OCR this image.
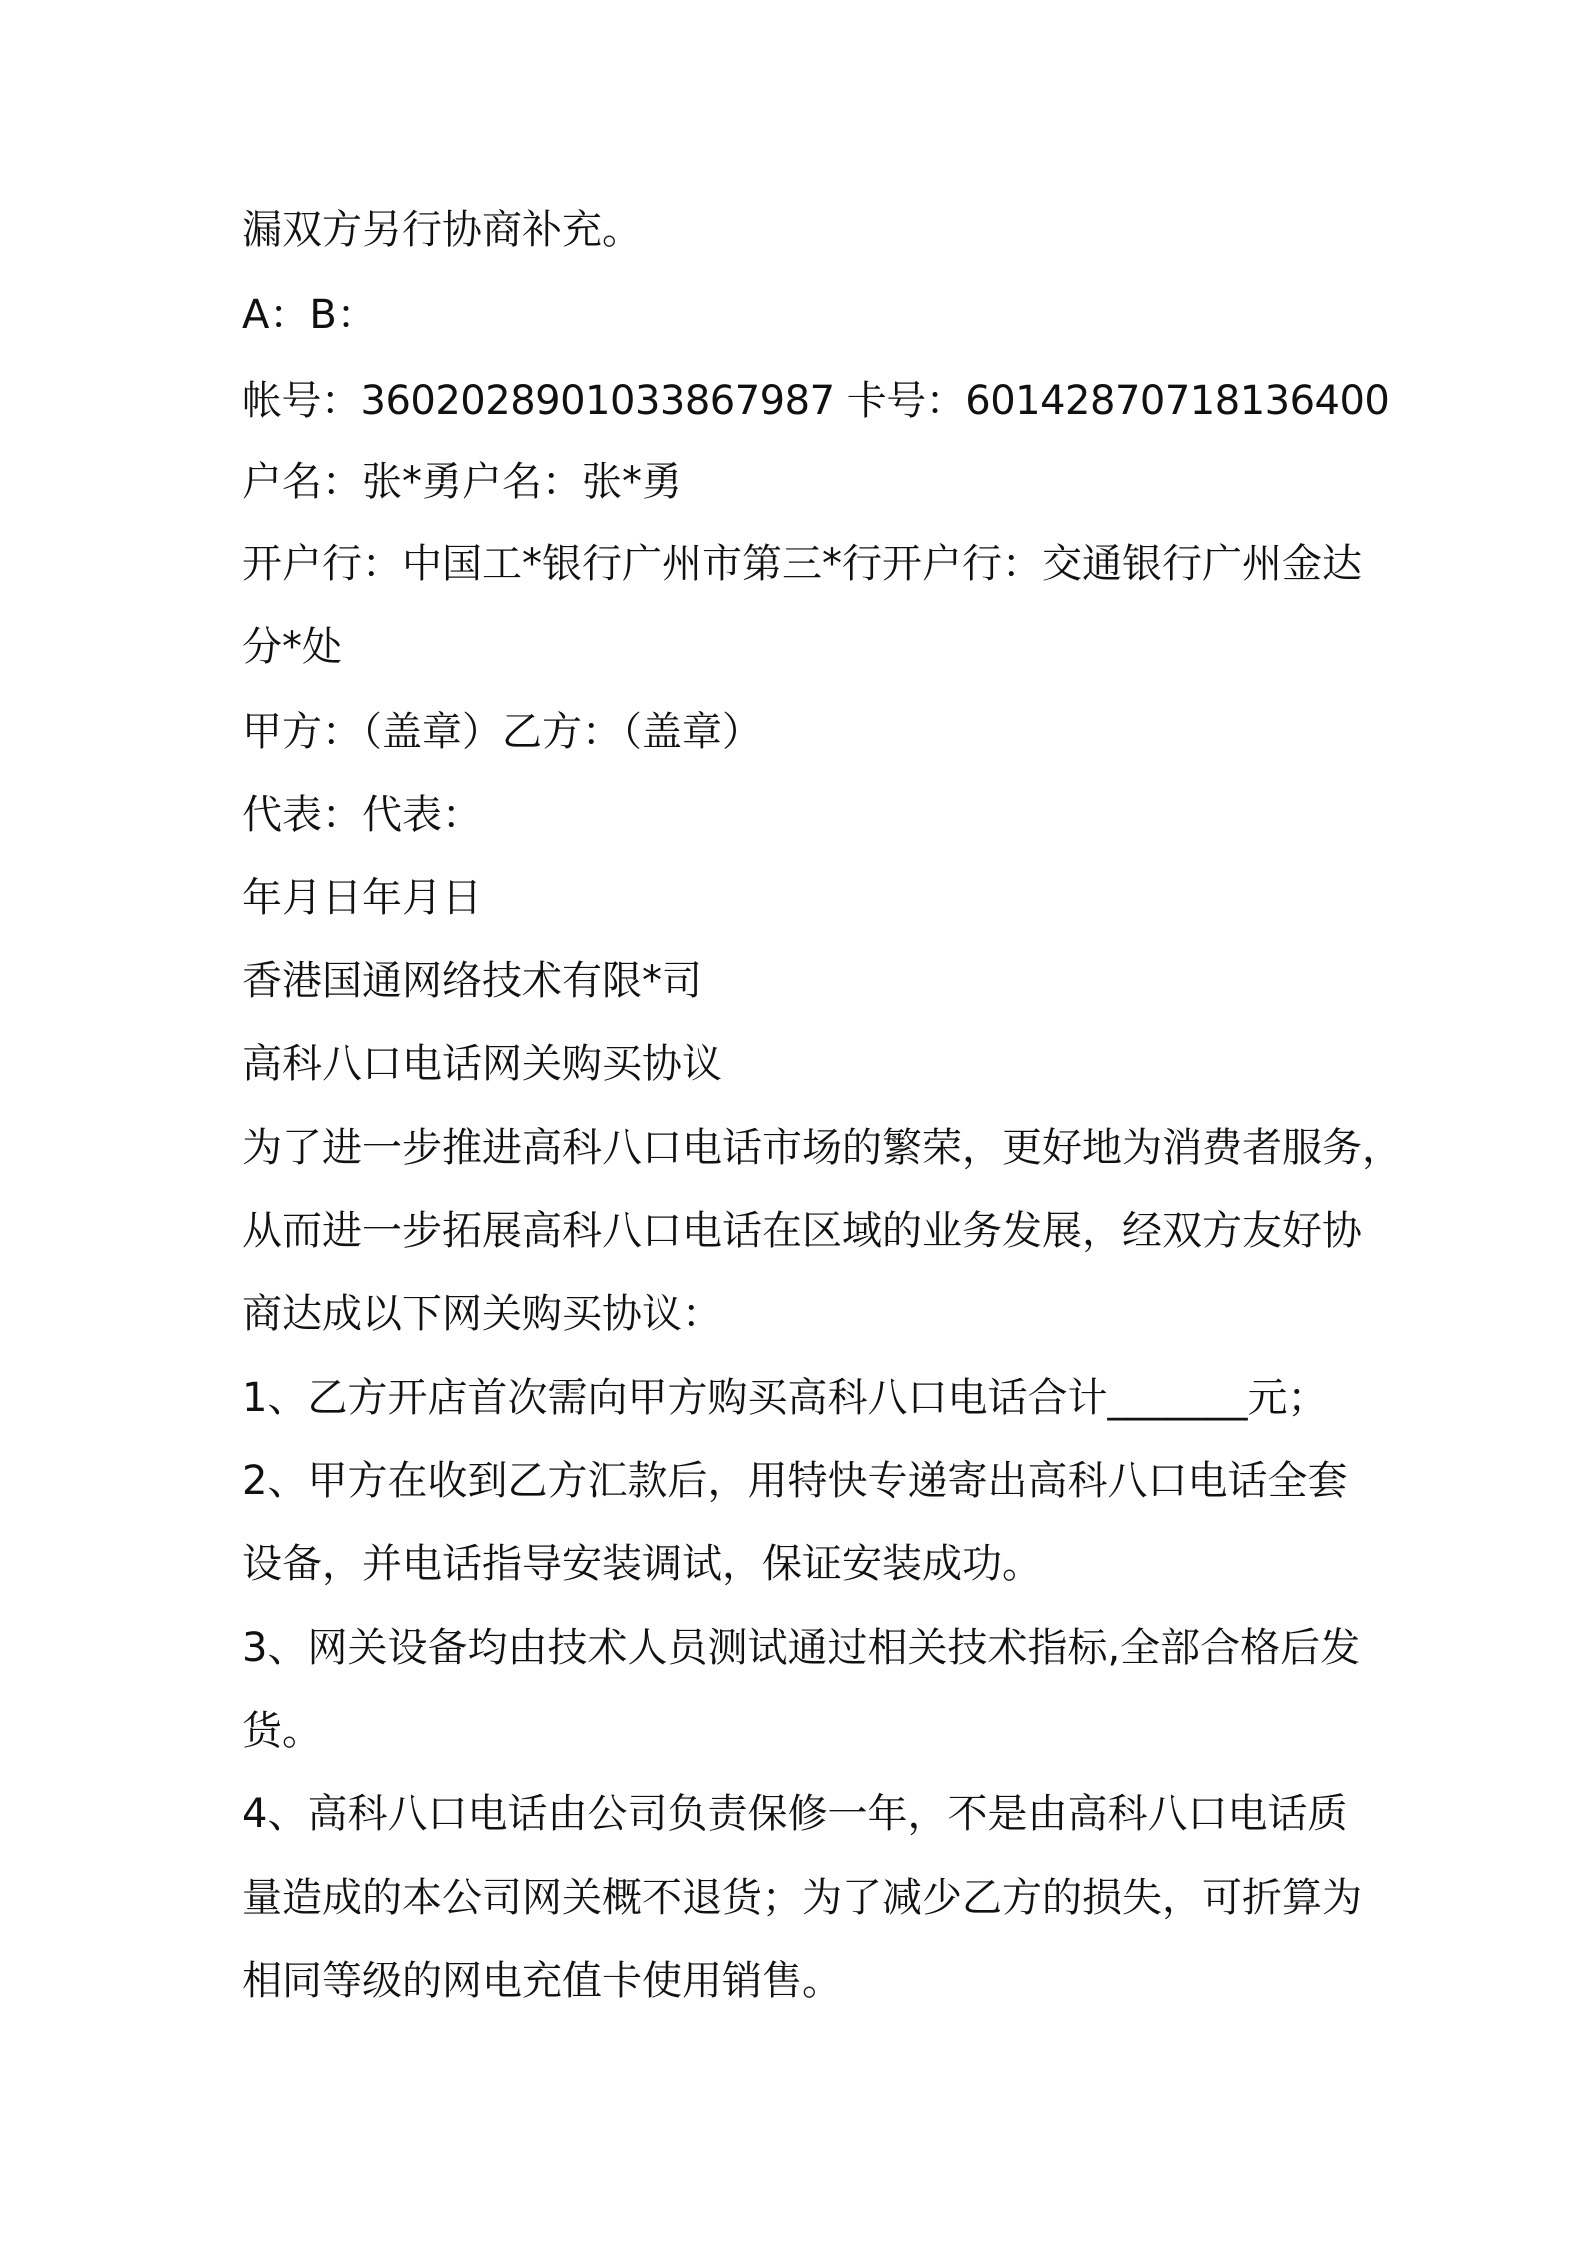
漏双方另行协商补充。

A：B：

帐号：3602028901033867987 卡号：60142870718136400

户名：张*勇户名：张*勇

开户行：中国工*银行广州市第三*行开户行：交通银行广州金达

分*处

甲方：（盖章）乙方：（盖章）

代表：代表：

年月日年月日

香港国通网络技术有限*司

高科八口电话网关购买协议

为了进一步推进高科八口电话市场的繁荣，更好地为消费者服务，

从而进一步拓展高科八口电话在区域的业务发展，经双方友好协

商达成以下网关购买协议：

1、乙方开店首次需向甲方购买高科八口电话合计_______元；

2、甲方在收到乙方汇款后，用特快专递寄出高科八口电话全套

设备，并电话指导安装调试，保证安装成功。

3、网关设备均由技术人员测试通过相关技术指标,全部合格后发

货。

4、高科八口电话由公司负责保修一年，不是由高科八口电话质

量造成的本公司网关概不退货；为了减少乙方的损失，可折算为

相同等级的网电充值卡使用销售。
